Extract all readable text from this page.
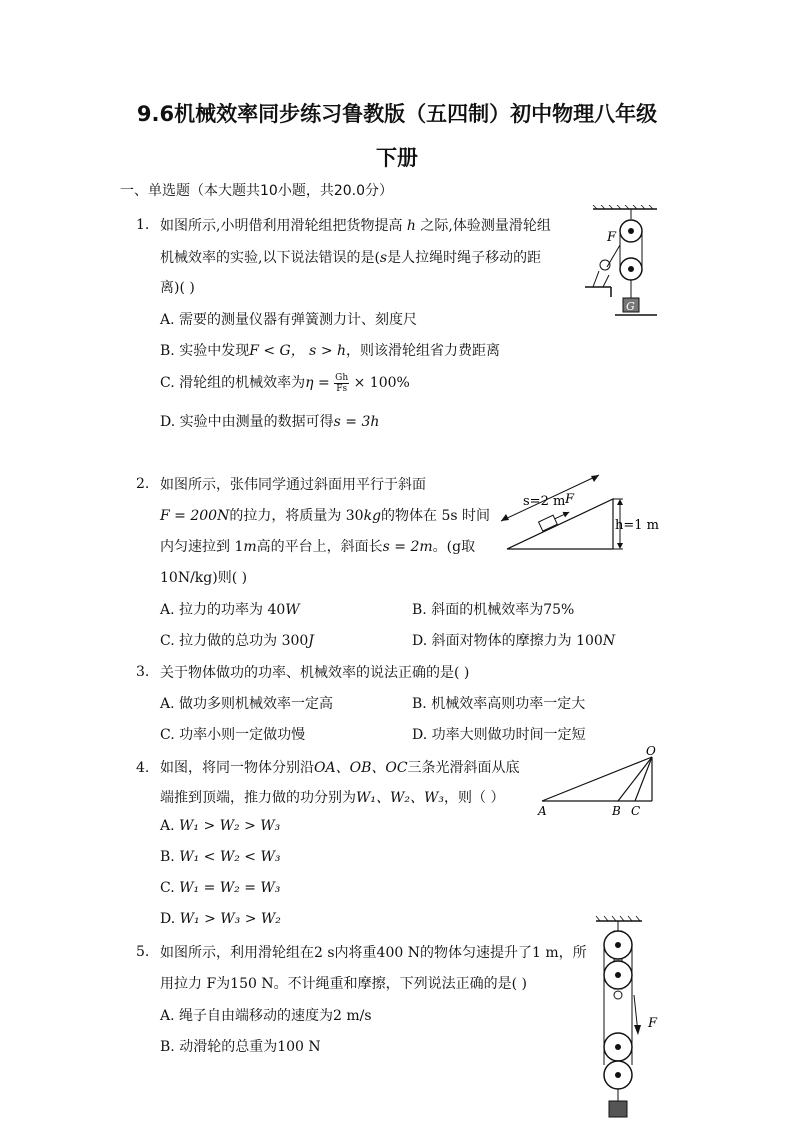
9.6机械效率同步练习鲁教版（五四制）初中物理八年级
下册
一、单选题（本大题共10小题，共20.0分）
1. 如图所示,小明借利用滑轮组把货物提高 h 之际,体验测量滑轮组
机械效率的实验,以下说法错误的是(s是人拉绳时绳子移动的距
离)( )
A. 需要的测量仪器有弹簧测力计、刻度尺
B. 实验中发现F < G， s > h，则该滑轮组省力费距离
C. 滑轮组的机械效率为$\eta = \frac{Gh}{Fs} \times 100\%$
D. 实验中由测量的数据可得s = 3h
G
F
2. 如图所示，张伟同学通过斜面用平行于斜面
F = 200N的拉力，将质量为 30kg的物体在 5s 时间
内匀速拉到 1m高的平台上，斜面长s = 2m。(g取
10N/kg)则( )
A. 拉力的功率为 40W	B. 斜面的机械效率为75%
C. 拉力做的总功为 300J	D. 斜面对物体的摩擦力为 100N
h=1 m
s=2 m F
3. 关于物体做功的功率、机械效率的说法正确的是( )
A. 做功多则机械效率一定高	B. 机械效率高则功率一定大
C. 功率小则一定做功慢	D. 功率大则做功时间一定短
4. 如图，将同一物体分别沿OA、OB、OC三条光滑斜面从底
端推到顶端，推力做的功分别为W₁、W₂、W₃，则（ ）
A. W₁ > W₂ > W₃
B. W₁ < W₂ < W₃
C. W₁ = W₂ = W₃
D. W₁ > W₃ > W₂
O
A	B C
5. 如图所示，利用滑轮组在2 s内将重400 N的物体匀速提升了1 m，所
用拉力 F为150 N。不计绳重和摩擦，下列说法正确的是( )
A. 绳子自由端移动的速度为2 m/s
B. 动滑轮的总重为100 N
F
